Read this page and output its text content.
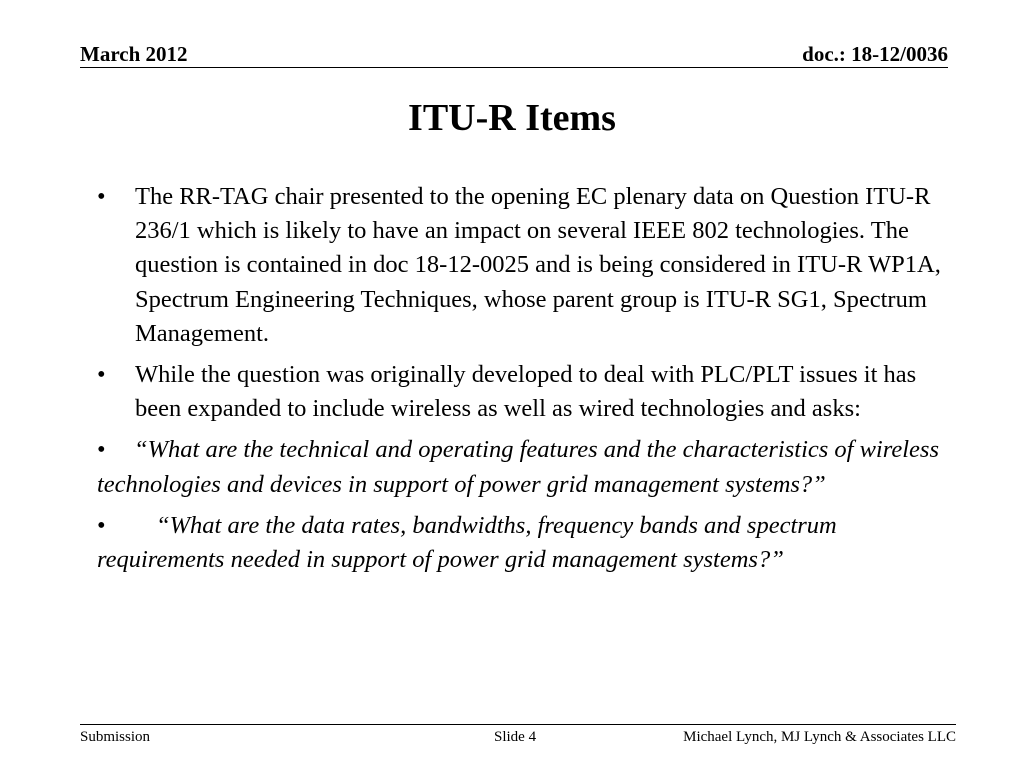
March 2012	doc.: 18-12/0036
ITU-R Items
• The RR-TAG chair presented to the opening EC plenary data on Question ITU-R 236/1 which is likely to have an impact on several IEEE 802 technologies. The question is contained in doc 18-12-0025 and is being considered in ITU-R WP1A, Spectrum Engineering Techniques, whose parent group is ITU-R SG1, Spectrum Management.
• While the question was originally developed to deal with PLC/PLT issues it has been expanded to include wireless as well as wired technologies and asks:
• “What are the technical and operating features and the characteristics of wireless technologies and devices in support of power grid management systems?”
• “What are the data rates, bandwidths, frequency bands and spectrum requirements needed in support of power grid management systems?”
Submission	Slide 4	Michael Lynch, MJ Lynch & Associates LLC
